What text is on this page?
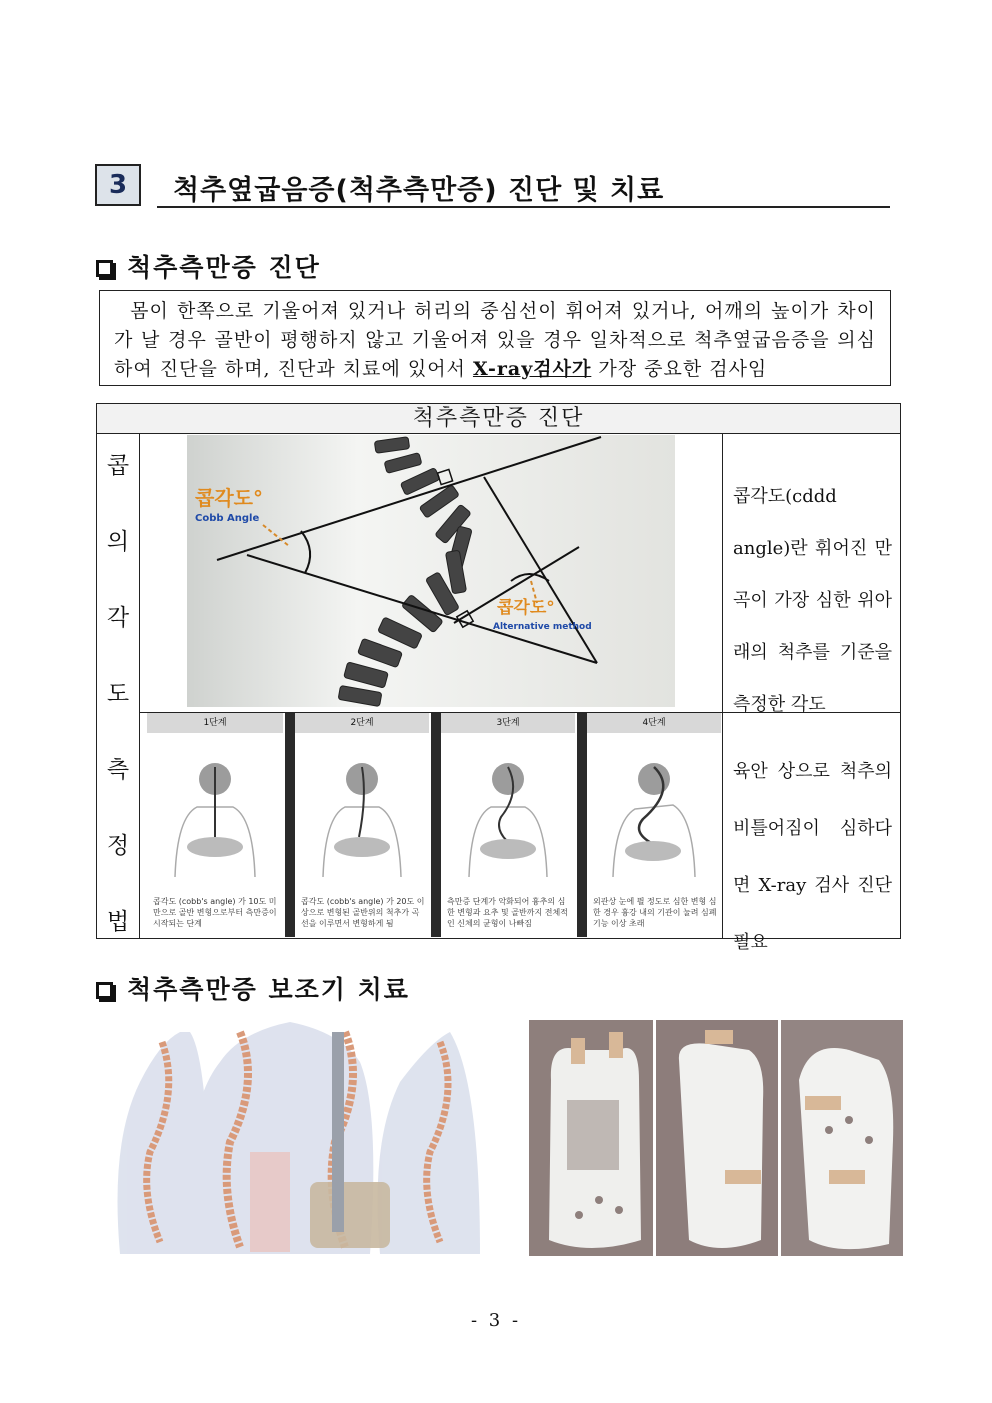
3	척추옆굽음증(척추측만증) 진단 및 치료
척추측만증 진단
몸이 한쪽으로 기울어져 있거나 허리의 중심선이 휘어져 있거나, 어깨의 높이가 차이가 날 경우 골반이 평행하지 않고 기울어져 있을 경우 일차적으로 척추옆굽음증을 의심하여 진단을 하며, 진단과 치료에 있어서 X-ray검사가 가장 중요한 검사임
척추측만증 진단
콥
의
각
도
측
정
법
콥각도°
Cobb Angle
콥각도°
Alternative method
콥각도(cddd angle)란 휘어진 만곡이 가장 심한 위아래의 척추를 기준을 측정한 각도
1단계
콥각도 (cobb's angle) 가 10도 미만으로 골반 변형으로부터 측만증이 시작되는 단계
2단계
콥각도 (cobb's angle) 가 20도 이상으로 변형된 골반위의 척추가 곡선을 이루면서 변형하게 됨
3단계
측만증 단계가 악화되어 흉추의 심한 변형과 요추 및 골반까지 전체적인 신체의 균형이 나빠짐
4단계
외관상 눈에 띌 정도로 심한 변형 심한 경우 흉강 내의 기관이 눌려 심폐기능 이상 초래
육안 상으로 척추의 비틀어짐이 심하다면 X-ray 검사 진단 필요
척추측만증 보조기 치료
- 3 -
